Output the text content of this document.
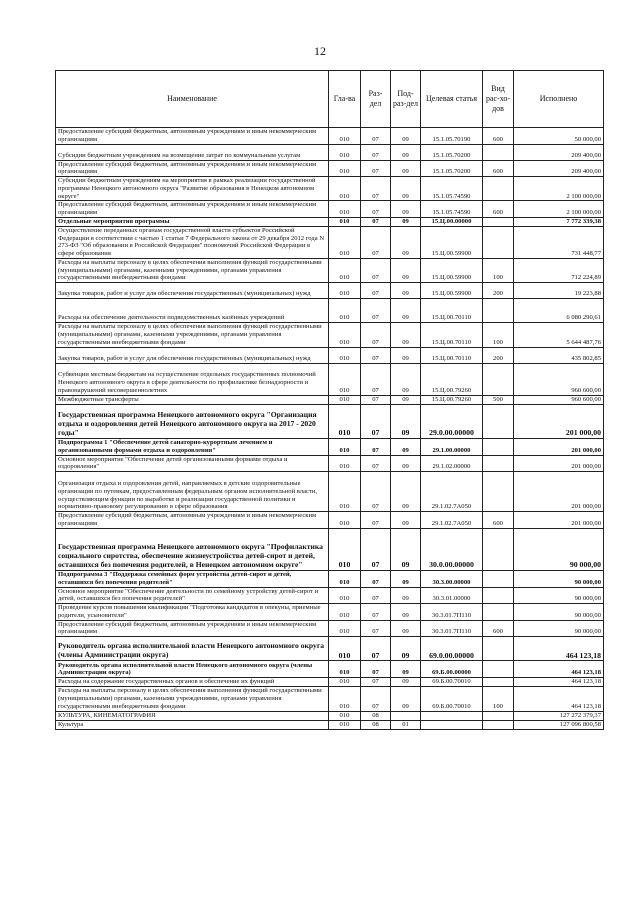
12
Наименование	Гла-ва	Раз-дел	Под-раз-дел	Целевая статья	Вид рас-хо-дов	Исполнено
Предоставление субсидий бюджетным, автономным учреждениям и иным некоммерческим организациям	010	07	09	15.1.05.70190	600	50 000,00
Субсидии бюджетным учреждениям на возмещение затрат по коммунальным услугам	010	07	09	15.1.05.70200		209 400,00
Предоставление субсидий бюджетным, автономным учреждениям и иным некоммерческим организациям	010	07	09	15.1.05.70200	600	209 400,00
Субсидии бюджетным учреждениям на мероприятия в рамках реализации государственной программы Ненецкого автономного округа "Развитие образования в Ненецком автономном округе"	010	07	09	15.1.05.74590		2 100 000,00
Предоставление субсидий бюджетным, автономным учреждениям и иным некоммерческим организациям	010	07	09	15.1.05.74590	600	2 100 000,00
Отдельные мероприятия программы	010	07	09	15.Ц.00.00000		7 772 339,38
Осуществление переданных органам государственной власти субъектов Российской Федерации в соответствии с частью 1 статьи 7 Федерального закона от 29 декабря 2012 года N 273-ФЗ "Об образовании в Российской Федерации" полномочий Российской Федерации в сфере образования	010	07	09	15.Ц.00.59900		731 448,77
Расходы на выплаты персоналу в целях обеспечения выполнения функций государственными (муниципальными) органами, казенными учреждениями, органами управления государственными внебюджетными фондами	010	07	09	15.Ц.00.59900	100	712 224,89
Закупка товаров, работ и услуг для обеспечения государственных (муниципальных) нужд	010	07	09	15.Ц.00.59900	200	19 223,88
Расходы на обеспечение деятельности подведомственных казённых учреждений	010	07	09	15.Ц.00.70110		6 080 290,61
Расходы на выплаты персоналу в целях обеспечения выполнения функций государственными (муниципальными) органами, казенными учреждениями, органами управления государственными внебюджетными фондами	010	07	09	15.Ц.00.70110	100	5 644 487,76
Закупка товаров, работ и услуг для обеспечения государственных (муниципальных) нужд	010	07	09	15.Ц.00.70110	200	435 802,85
Субвенции местным бюджетам на осуществление отдельных государственных полномочий Ненецкого автономного округа в сфере деятельности по профилактике безнадзорности и правонарушений несовершеннолетних	010	07	09	15.Ц.00.79260		960 600,00
Межбюджетные трансферты	010	07	09	15.Ц.00.79260	500	960 600,00
Государственная программа Ненецкого автономного округа "Организация отдыха и оздоровления детей Ненецкого автономного округа на 2017 - 2020 годы"	010	07	09	29.0.00.00000		201 000,00
Подпрограмма 1 "Обеспечение детей санаторно-курортным лечением и организованными формами отдыха и оздоровления"	010	07	09	29.1.00.00000		201 000,00
Основное мероприятие "Обеспечение детей организованными формами отдыха и оздоровления"	010	07	09	29.1.02.00000		201 000,00
Организация отдыха и оздоровления детей, направляемых в детские оздоровительные организации по путевкам, предоставленным федеральным органом исполнительной власти, осуществляющим функции по выработке и реализации государственной политики и нормативно-правовому регулированию в сфере образования	010	07	09	29.1.02.7А050		201 000,00
Предоставление субсидий бюджетным, автономным учреждениям и иным некоммерческим организациям	010	07	09	29.1.02.7А050	600	201 000,00
Государственная программа Ненецкого автономного округа "Профилактика социального сиротства, обеспечение жизнеустройства детей-сирот и детей, оставшихся без попечения родителей, в Ненецком автономном округе"	010	07	09	30.0.00.00000		90 000,00
Подпрограмма 3 "Поддержка семейных форм устройства детей-сирот и детей, оставшихся без попечения родителей"	010	07	09	30.3.00.00000		90 000,00
Основное мероприятие "Обеспечение деятельности по семейному устройству детей-сирот и детей, оставшихся без попечения родителей"	010	07	09	30.3.01.00000		90 000,00
Проведение курсов повышения квалификации "Подготовка кандидатов в опекуны, приемные родители, усыновители"	010	07	09	30.3.01.7П110		90 000,00
Предоставление субсидий бюджетным, автономным учреждениям и иным некоммерческим организациям	010	07	09	30.3.01.7П110	600	90 000,00
Руководитель органа исполнительной власти Ненецкого автономного округа (члены Администрации округа)	010	07	09	69.0.00.00000		464 123,18
Руководитель органа исполнительной власти Ненецкого автономного округа (члены Администрации округа)	010	07	09	69.Б.00.00000		464 123,18
Расходы на содержание государственных органов и обеспечение их функций	010	07	09	69.Б.00.70010		464 123,18
Расходы на выплаты персоналу в целях обеспечения выполнения функций государственными (муниципальными) органами, казенными учреждениями, органами управления государственными внебюджетными фондами	010	07	09	69.Б.00.70010	100	464 123,18
КУЛЬТУРА, КИНЕМАТОГРАФИЯ	010	08				127 272 379,37
Культура	010	08	01			127 096 800,58
